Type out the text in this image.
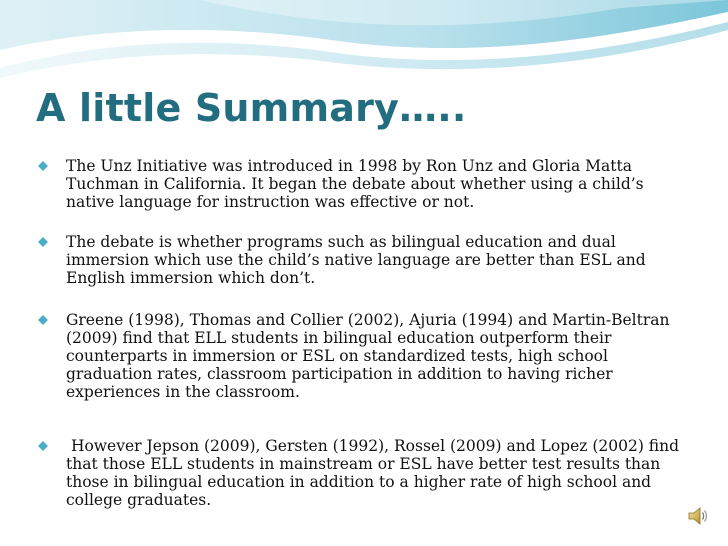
A little Summary…..
The Unz Initiative was introduced in 1998 by Ron Unz and Gloria Matta Tuchman in California. It began the debate about whether using a child’s native language for instruction was effective or not.
The debate is whether programs such as bilingual education and dual immersion which use the child’s native language are better than ESL and English immersion which don’t.
Greene (1998), Thomas and Collier (2002), Ajuria (1994) and Martin-Beltran (2009) find that ELL students in bilingual education outperform their counterparts in immersion or ESL on standardized tests, high school graduation rates, classroom participation in addition to having richer experiences in the classroom.
However Jepson (2009), Gersten (1992), Rossel (2009) and Lopez (2002) find that those ELL students in mainstream or ESL have better test results than those in bilingual education in addition to a higher rate of high school and college graduates.
